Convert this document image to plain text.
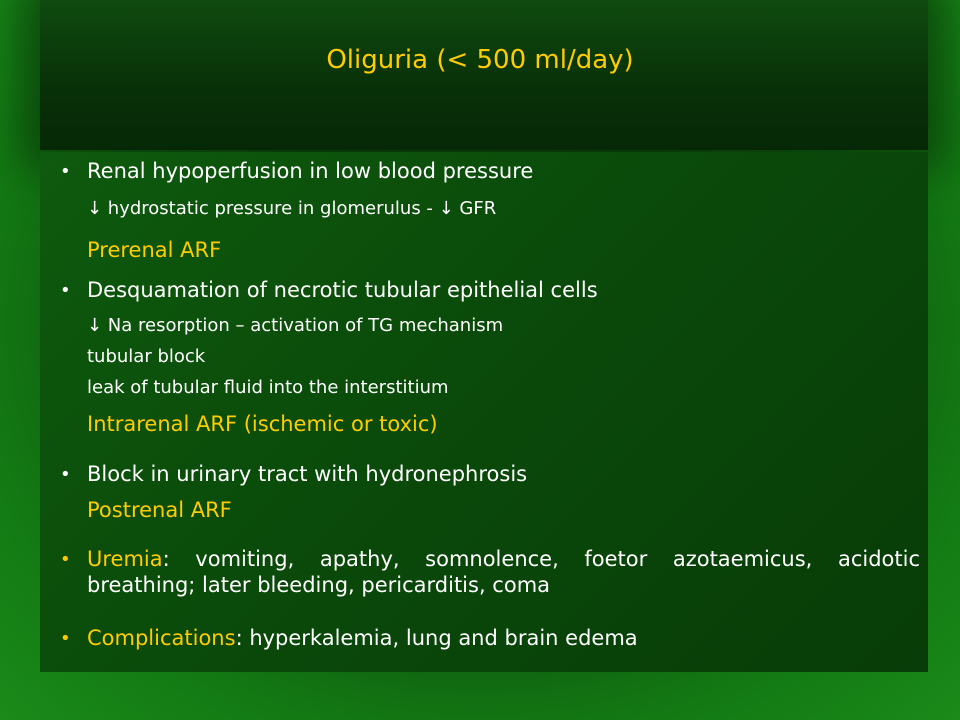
Oliguria (< 500 ml/day)
• Renal hypoperfusion in low blood pressure
↓ hydrostatic pressure in glomerulus - ↓ GFR
Prerenal ARF
• Desquamation of necrotic tubular epithelial cells
↓ Na resorption – activation of TG mechanism
tubular block
leak of tubular fluid into the interstitium
Intrarenal ARF (ischemic or toxic)
• Block in urinary tract with hydronephrosis
Postrenal ARF
• Uremia: vomiting, apathy, somnolence, foetor azotaemicus, acidotic breathing; later bleeding, pericarditis, coma
• Complications: hyperkalemia, lung and brain edema
